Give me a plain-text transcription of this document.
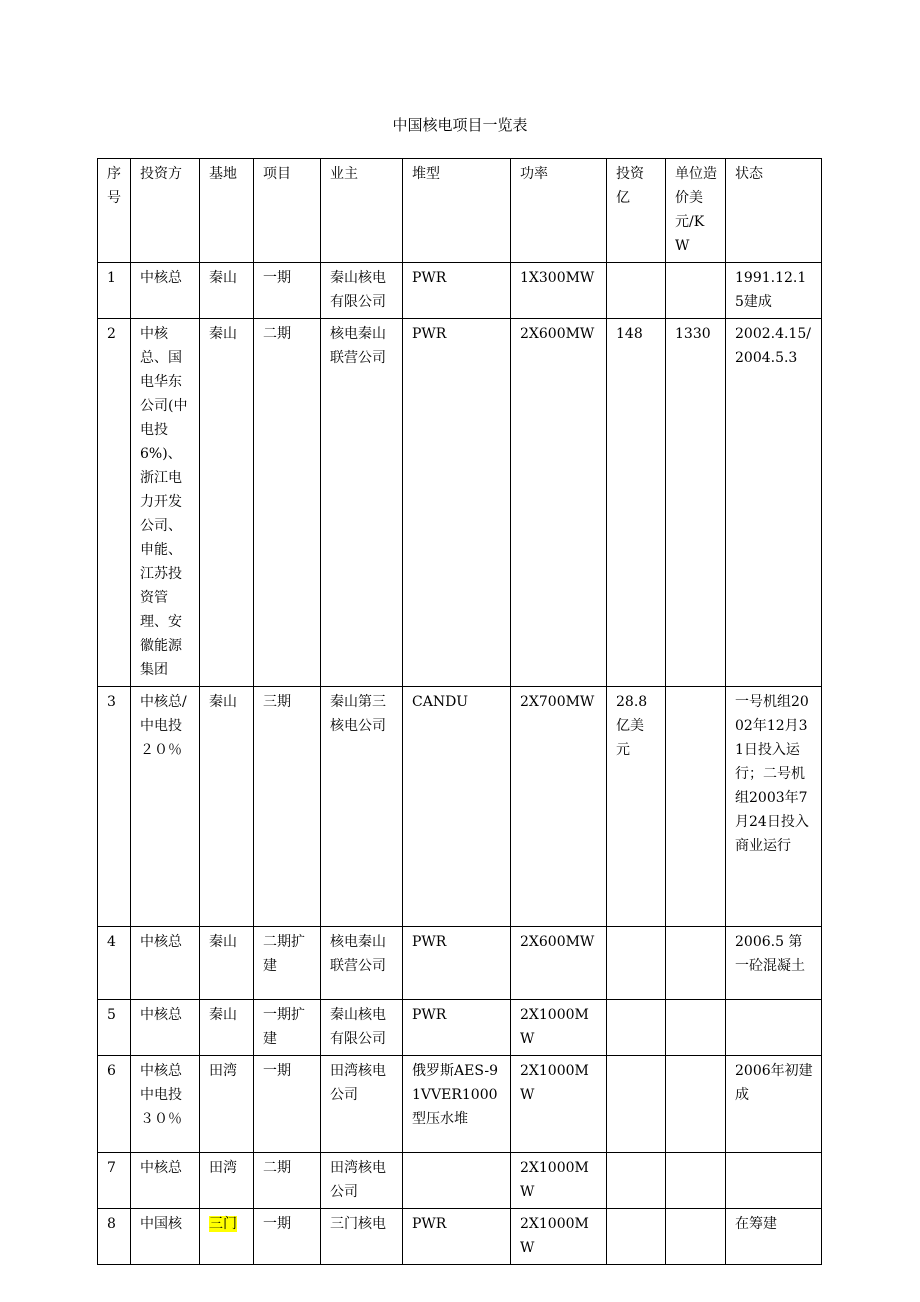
中国核电项目一览表
序号	投资方	基地	项目	业主	堆型	功率	投资亿	单位造价美元/KW	状态
1	中核总	秦山	一期	秦山核电有限公司	PWR	1X300MW			1991.12.15建成
2	中核总、国电华东公司(中电投6%)、浙江电力开发公司、申能、江苏投资管理、安徽能源集团	秦山	二期	核电秦山联营公司	PWR	2X600MW	148	1330	2002.4.15/2004.5.3
3	中核总/中电投２０％	秦山	三期	秦山第三核电公司	CANDU	2X700MW	28.8亿美元		一号机组2002年12月31日投入运行；二号机组2003年7月24日投入商业运行
4	中核总	秦山	二期扩建	核电秦山联营公司	PWR	2X600MW			2006.5 第一砼混凝土
5	中核总	秦山	一期扩建	秦山核电有限公司	PWR	2X1000MW			
6	中核总中电投３０％	田湾	一期	田湾核电公司	俄罗斯AES-91VVER1000型压水堆	2X1000MW			2006年初建成
7	中核总	田湾	二期	田湾核电公司		2X1000MW			
8	中国核	三门	一期	三门核电	PWR	2X1000MW			在筹建
